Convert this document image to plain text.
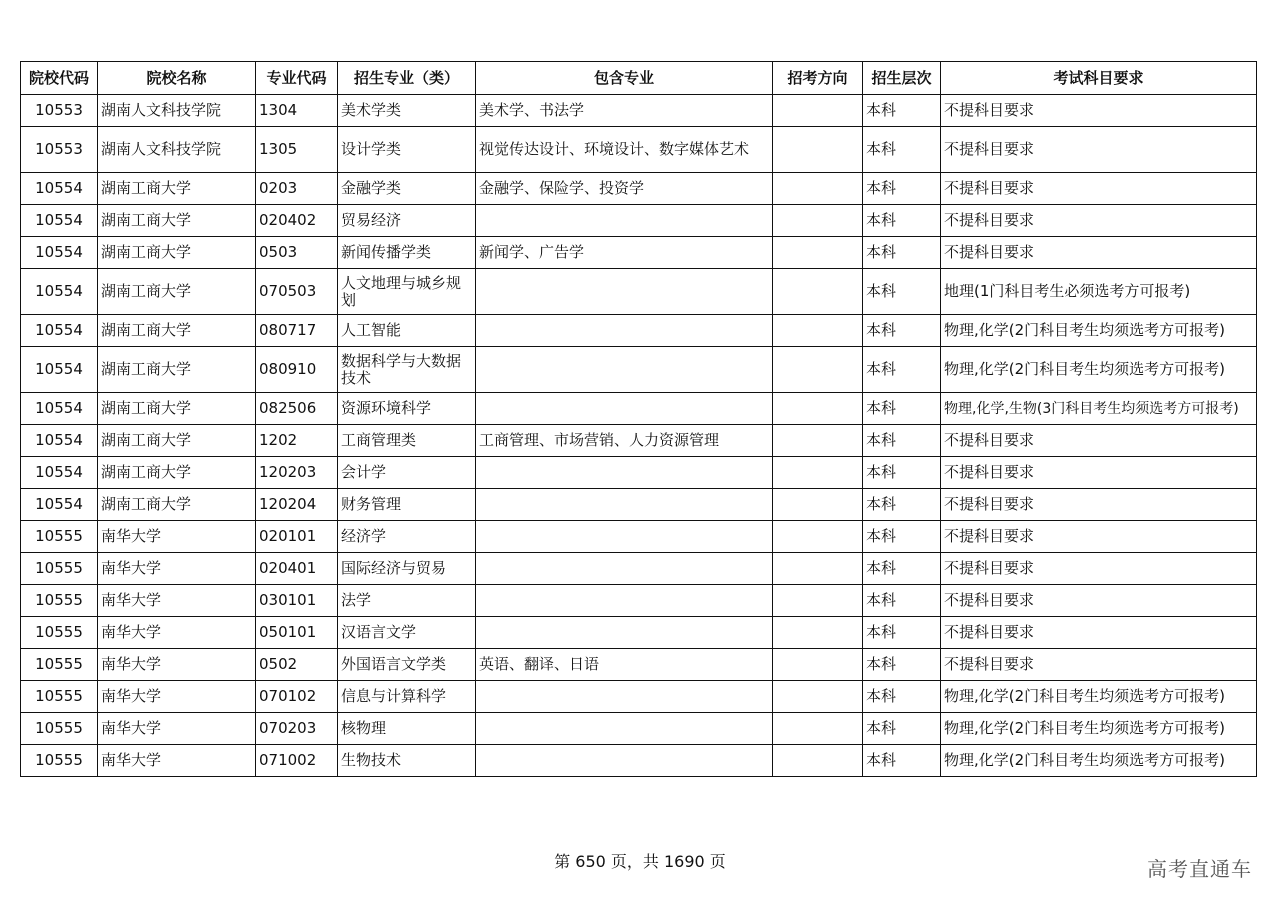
院校代码	院校名称	专业代码	招生专业（类）	包含专业	招考方向	招生层次	考试科目要求
10553	湖南人文科技学院	1304	美术学类	美术学、书法学		本科	不提科目要求
10553	湖南人文科技学院	1305	设计学类	视觉传达设计、环境设计、数字媒体艺术		本科	不提科目要求
10554	湖南工商大学	0203	金融学类	金融学、保险学、投资学		本科	不提科目要求
10554	湖南工商大学	020402	贸易经济			本科	不提科目要求
10554	湖南工商大学	0503	新闻传播学类	新闻学、广告学		本科	不提科目要求
10554	湖南工商大学	070503	人文地理与城乡规划			本科	地理(1门科目考生必须选考方可报考)
10554	湖南工商大学	080717	人工智能			本科	物理,化学(2门科目考生均须选考方可报考)
10554	湖南工商大学	080910	数据科学与大数据技术			本科	物理,化学(2门科目考生均须选考方可报考)
10554	湖南工商大学	082506	资源环境科学			本科	物理,化学,生物(3门科目考生均须选考方可报考)
10554	湖南工商大学	1202	工商管理类	工商管理、市场营销、人力资源管理		本科	不提科目要求
10554	湖南工商大学	120203	会计学			本科	不提科目要求
10554	湖南工商大学	120204	财务管理			本科	不提科目要求
10555	南华大学	020101	经济学			本科	不提科目要求
10555	南华大学	020401	国际经济与贸易			本科	不提科目要求
10555	南华大学	030101	法学			本科	不提科目要求
10555	南华大学	050101	汉语言文学			本科	不提科目要求
10555	南华大学	0502	外国语言文学类	英语、翻译、日语		本科	不提科目要求
10555	南华大学	070102	信息与计算科学			本科	物理,化学(2门科目考生均须选考方可报考)
10555	南华大学	070203	核物理			本科	物理,化学(2门科目考生均须选考方可报考)
10555	南华大学	071002	生物技术			本科	物理,化学(2门科目考生均须选考方可报考)
第 650 页，共 1690 页	高考直通车
